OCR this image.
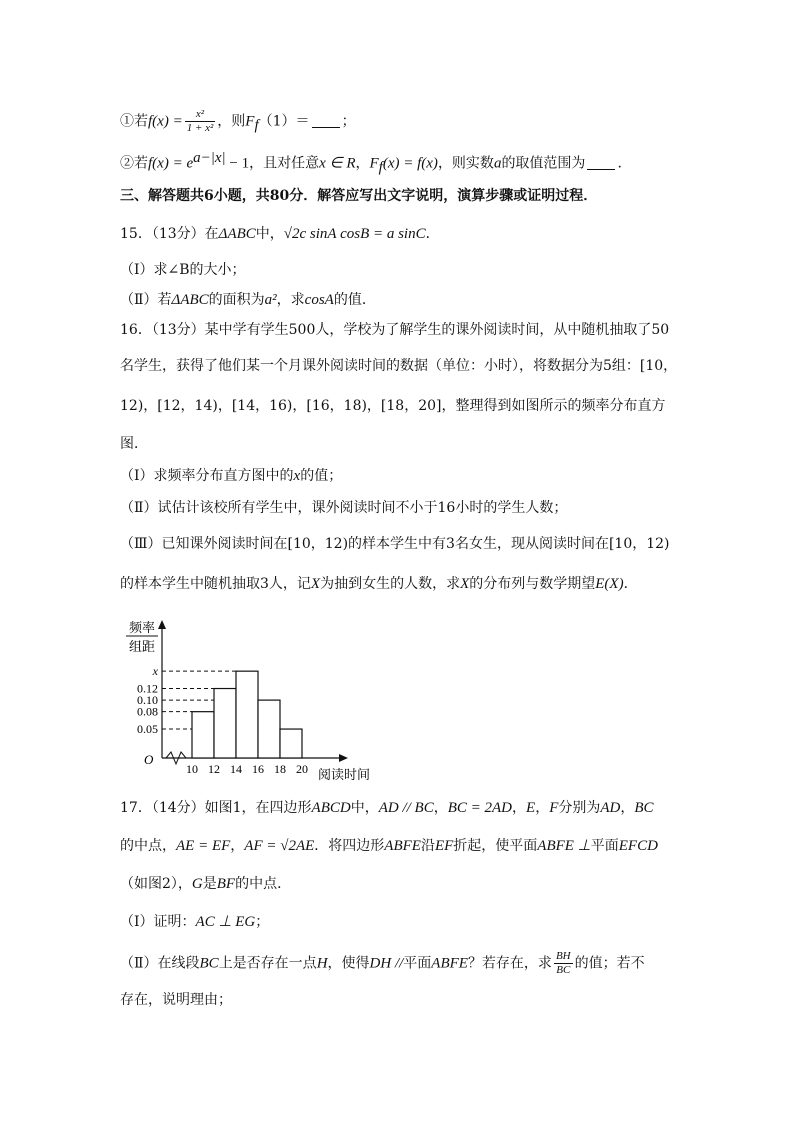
①若$f(x) = \frac{\text{x²}}{\text{1 + x²}}$ ，则$F_f(1)=$ ；
②若$f(x) = e^{a-|x|} - 1$，且对任意x ∈ R，$F_f(x) = f(x)$，则实数a的取值范围为 .
三、解答题共6小题，共80分．解答应写出文字说明，演算步骤或证明过程．
15．（13分）在ΔABC中，√2c sinA cosB = a sinC．
（Ⅰ）求∠B的大小；
（Ⅱ）若ΔABC的面积为a²，求cosA的值．
16．（13分）某中学有学生500人，学校为了解学生的课外阅读时间，从中随机抽取了50
名学生，获得了他们某一个月课外阅读时间的数据（单位：小时），将数据分为5组：[10，
12)，[12，14)，[14，16)，[16，18)，[18，20]，整理得到如图所示的频率分布直方
图．
（Ⅰ）求频率分布直方图中的x的值；
（Ⅱ）试估计该校所有学生中，课外阅读时间不小于16小时的学生人数；
（Ⅲ）已知课外阅读时间在[10，12)的样本学生中有3名女生，现从阅读时间在[10，12)
的样本学生中随机抽取3人，记X为抽到女生的人数，求X的分布列与数学期望E(X)．
频率
组距
O
阅读时间
x
0.12
0.10
0.08
0.05
10 12 14 16 18 20
17．（14分）如图1，在四边形ABCD中，AD // BC，BC = 2AD，E，F分别为AD，BC
的中点，AE = EF，AF = √2AE．将四边形ABFE沿EF折起，使平面ABFE ⊥平面EFCD
（如图2），G是BF的中点．
（Ⅰ）证明：AC ⊥ EG；
（Ⅱ）在线段BC上是否存在一点H，使得DH //平面ABFE？若存在，求 $\frac{BH}{BC}$ 的值；若不
存在，说明理由；
